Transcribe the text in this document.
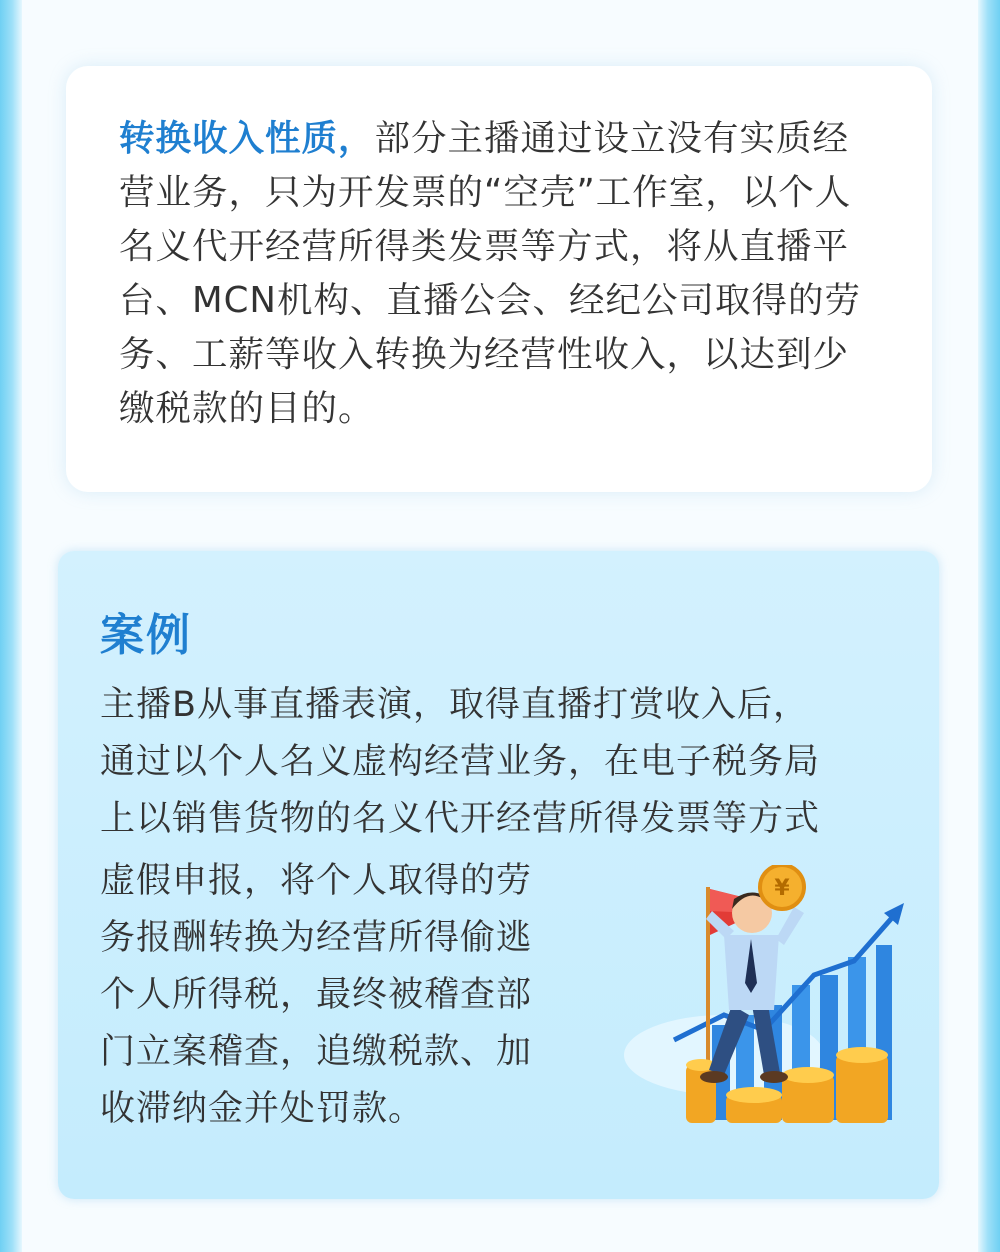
转换收入性质，部分主播通过设立没有实质经营业务，只为开发票的“空壳”工作室，以个人名义代开经营所得类发票等方式，将从直播平台、MCN机构、直播公会、经纪公司取得的劳务、工薪等收入转换为经营性收入，以达到少缴税款的目的。

案例

主播B从事直播表演，取得直播打赏收入后，

通过以个人名义虚构经营业务，在电子税务局

上以销售货物的名义代开经营所得发票等方式

虚假申报，将个人取得的劳

务报酬转换为经营所得偷逃

个人所得税，最终被稽查部

门立案稽查，追缴税款、加

收滞纳金并处罚款。

¥
